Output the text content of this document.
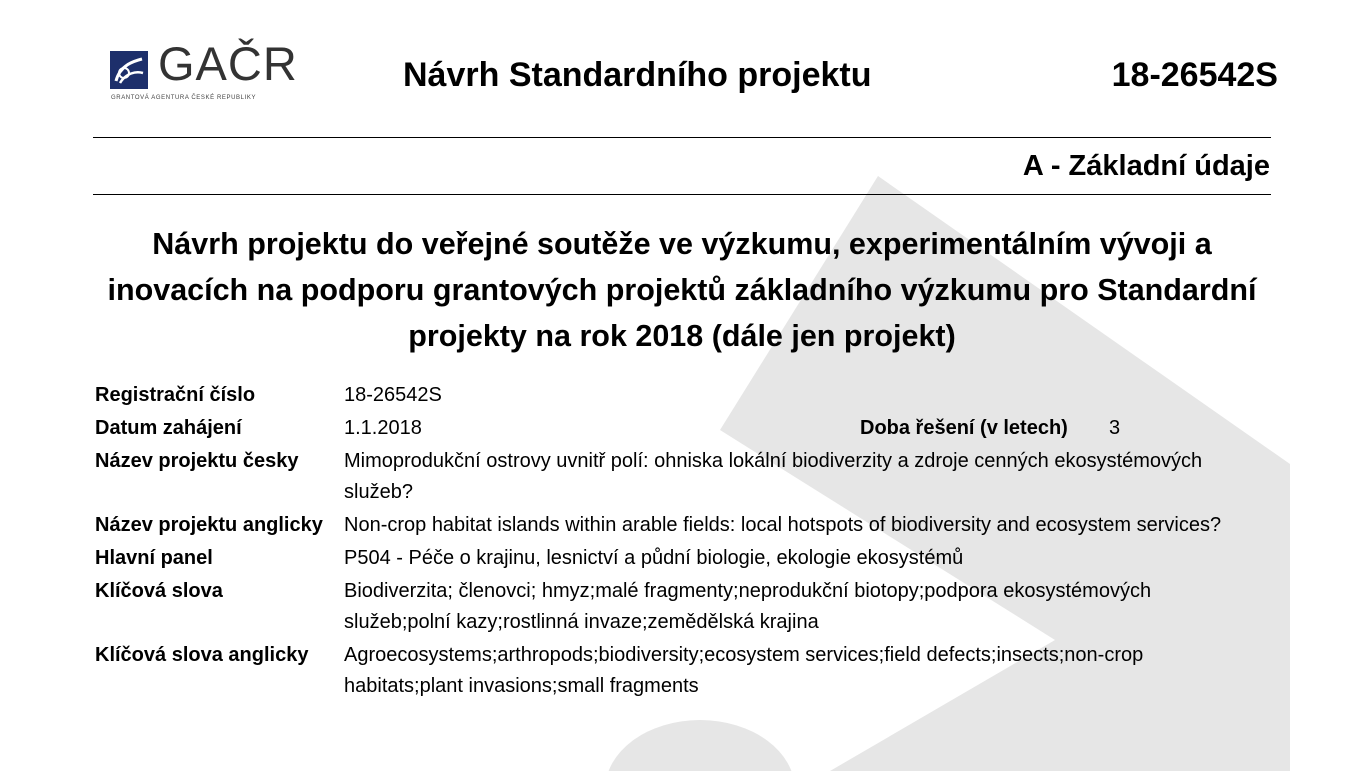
GAČR
GRANTOVÁ AGENTURA ČESKÉ REPUBLIKY
Návrh Standardního projektu	18-26542S
A - Základní údaje
Návrh projektu do veřejné soutěže ve výzkumu, experimentálním vývoji a inovacích na podporu grantových projektů základního výzkumu pro Standardní projekty na rok 2018 (dále jen projekt)
Registrační číslo	18-26542S
Datum zahájení	1.1.2018	Doba řešení (v letech) 3
Název projektu česky	Mimoprodukční ostrovy uvnitř polí: ohniska lokální biodiverzity a zdroje cenných ekosystémových služeb?
Název projektu anglicky	Non-crop habitat islands within arable fields: local hotspots of biodiversity and ecosystem services?
Hlavní panel	P504 - Péče o krajinu, lesnictví a půdní biologie, ekologie ekosystémů
Klíčová slova	Biodiverzita; členovci; hmyz;malé fragmenty;neprodukční biotopy;podpora ekosystémových služeb;polní kazy;rostlinná invaze;zemědělská krajina
Klíčová slova anglicky	Agroecosystems;arthropods;biodiversity;ecosystem services;field defects;insects;non-crop habitats;plant invasions;small fragments
